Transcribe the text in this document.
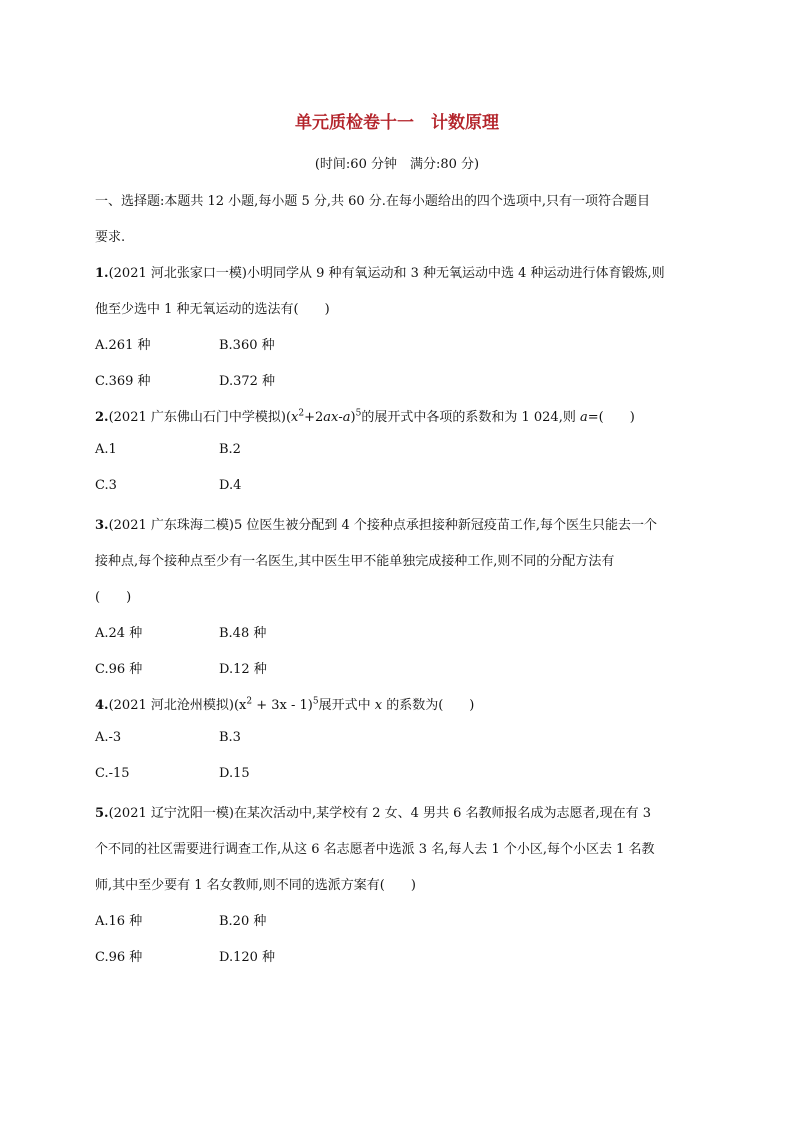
单元质检卷十一　计数原理
(时间:60 分钟　满分:80 分)
一、选择题:本题共 12 小题,每小题 5 分,共 60 分.在每小题给出的四个选项中,只有一项符合题目
要求.
1.(2021 河北张家口一模)小明同学从 9 种有氧运动和 3 种无氧运动中选 4 种运动进行体育锻炼,则
他至少选中 1 种无氧运动的选法有(　　)
A.261 种	B.360 种
C.369 种	D.372 种
2.(2021 广东佛山石门中学模拟)$(x^2+2ax-a)^5$的展开式中各项的系数和为 1 024,则 a=(　　)
A.1	B.2
C.3	D.4
3.(2021 广东珠海二模)5 位医生被分配到 4 个接种点承担接种新冠疫苗工作,每个医生只能去一个
接种点,每个接种点至少有一名医生,其中医生甲不能单独完成接种工作,则不同的分配方法有
(　　)
A.24 种	B.48 种
C.96 种	D.12 种
4.(2021 河北沧州模拟)$(x^2 + 3x - 1)^5$展开式中 x 的系数为(　　)
A.-3	B.3
C.-15	D.15
5.(2021 辽宁沈阳一模)在某次活动中,某学校有 2 女、4 男共 6 名教师报名成为志愿者,现在有 3
个不同的社区需要进行调查工作,从这 6 名志愿者中选派 3 名,每人去 1 个小区,每个小区去 1 名教
师,其中至少要有 1 名女教师,则不同的选派方案有(　　)
A.16 种	B.20 种
C.96 种	D.120 种
